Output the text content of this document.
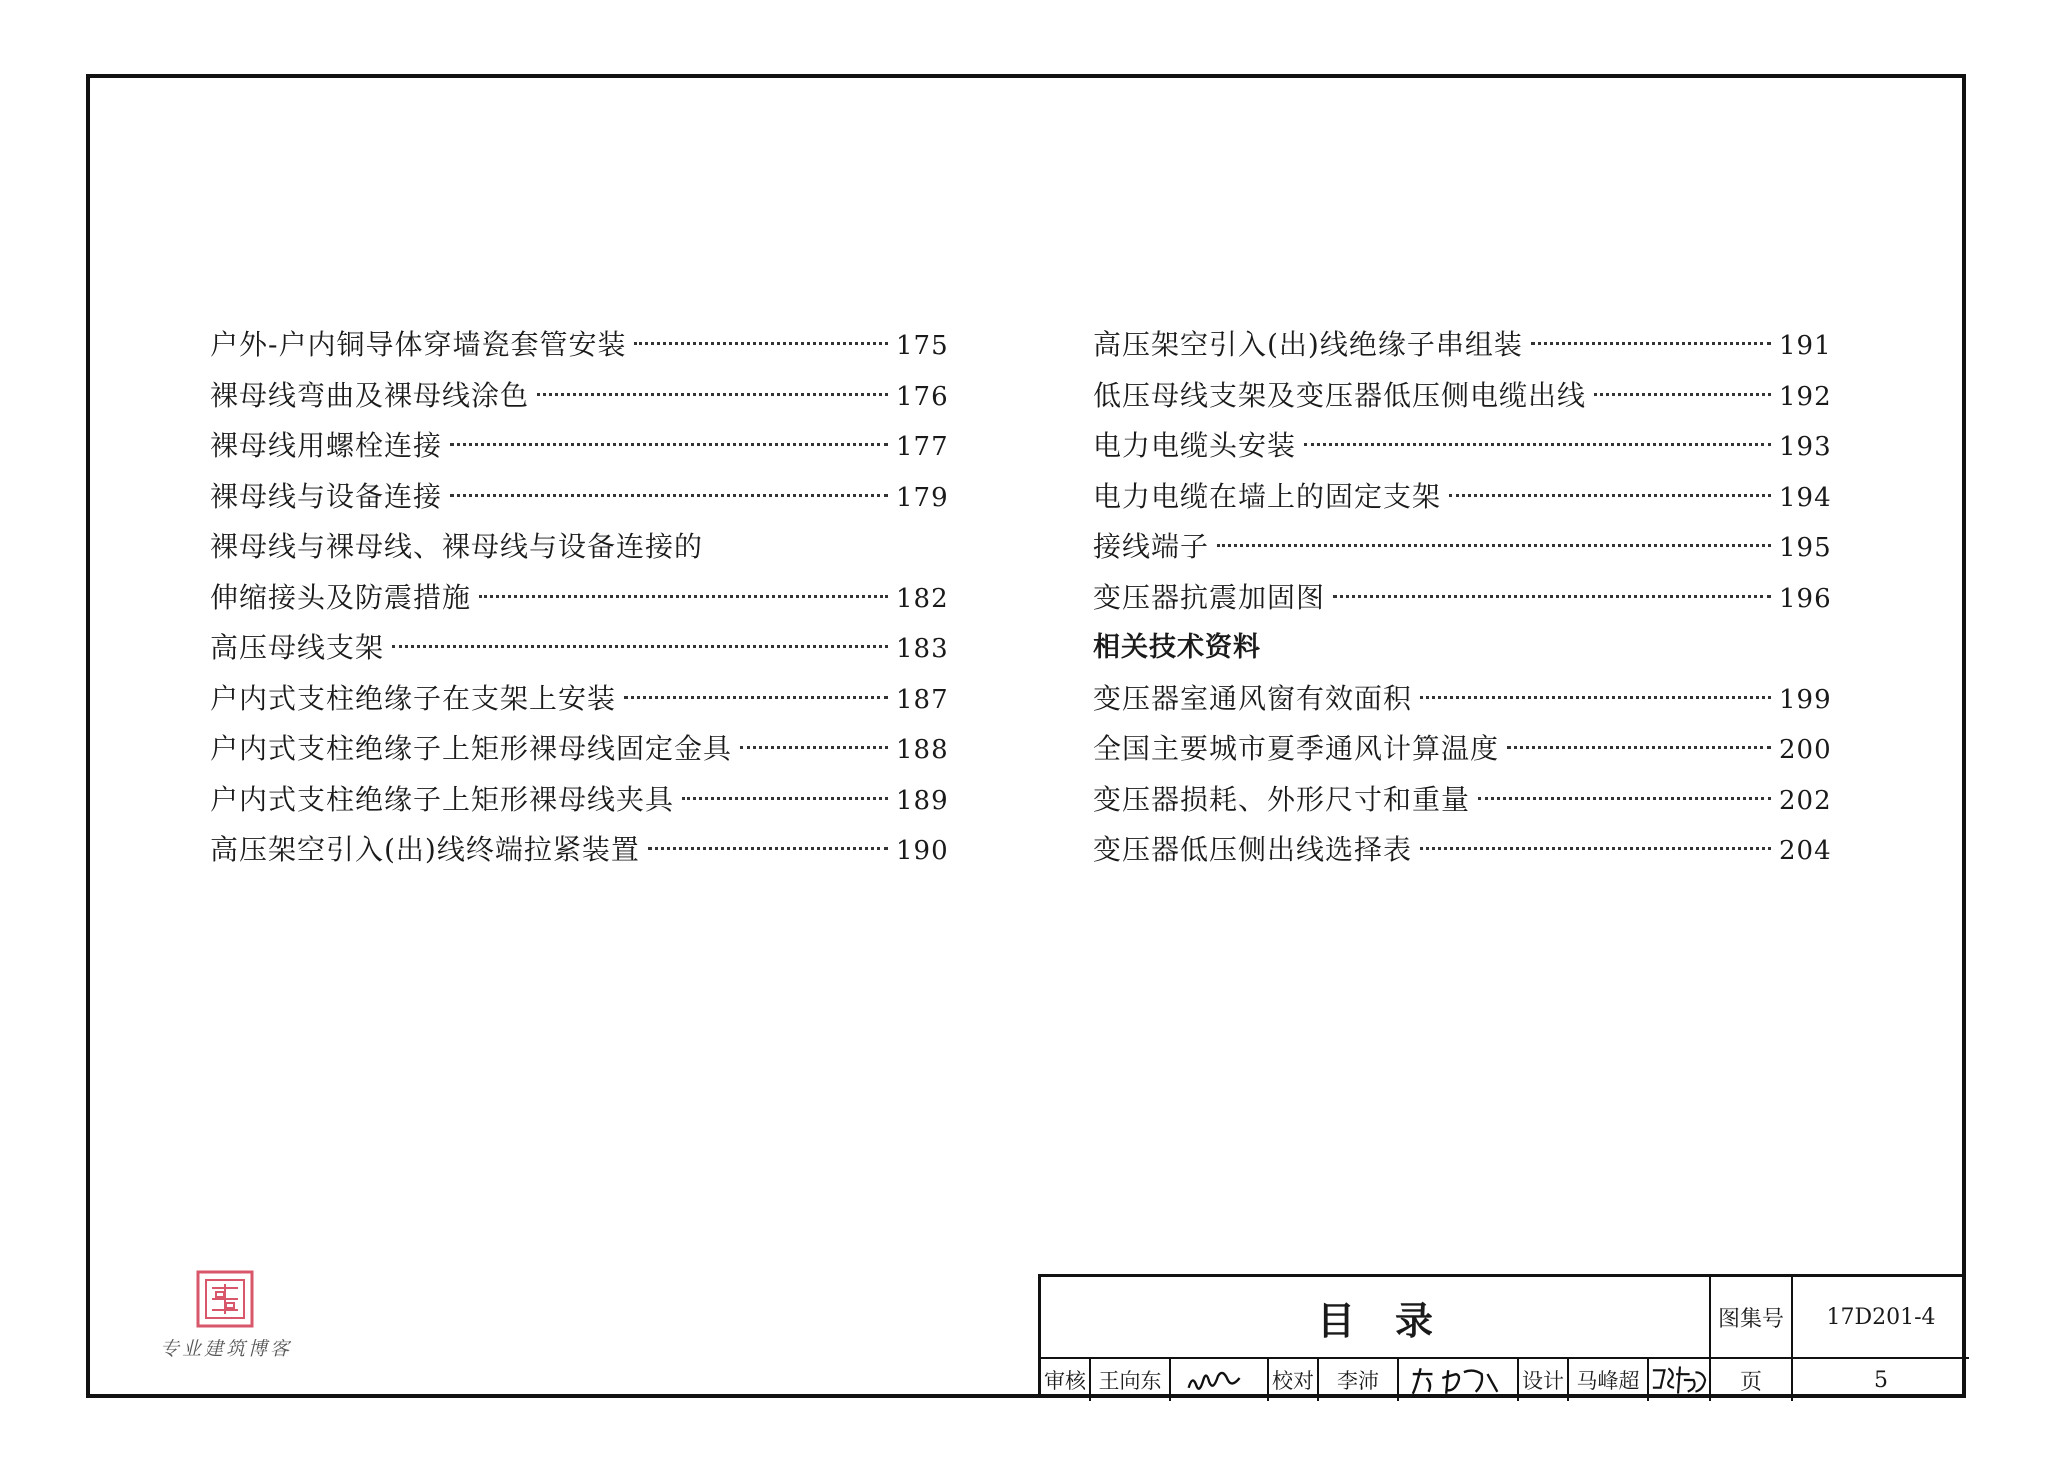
户外-户内铜导体穿墙瓷套管安装	175
裸母线弯曲及裸母线涂色	176
裸母线用螺栓连接	177
裸母线与设备连接	179
裸母线与裸母线、裸母线与设备连接的
伸缩接头及防震措施	182
高压母线支架	183
户内式支柱绝缘子在支架上安装	187
户内式支柱绝缘子上矩形裸母线固定金具	188
户内式支柱绝缘子上矩形裸母线夹具	189
高压架空引入(出)线终端拉紧装置	190
高压架空引入(出)线绝缘子串组装	191
低压母线支架及变压器低压侧电缆出线	192
电力电缆头安装	193
电力电缆在墙上的固定支架	194
接线端子	195
变压器抗震加固图	196
相关技术资料
变压器室通风窗有效面积	199
全国主要城市夏季通风计算温度	200
变压器损耗、外形尺寸和重量	202
变压器低压侧出线选择表	204
目录	图集号	17D201-4
审核 王向东	校对	李沛	设计 马峰超	页	5
专业建筑博客
